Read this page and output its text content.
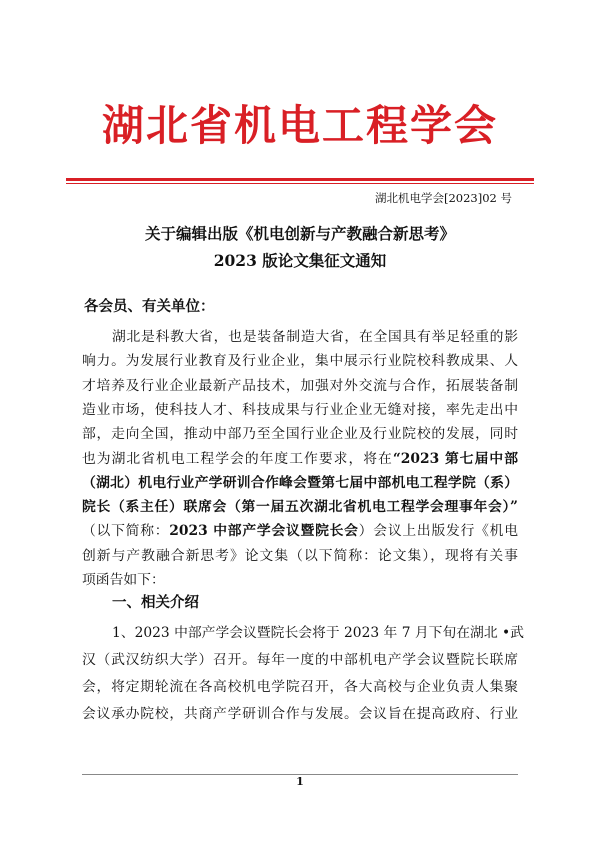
湖北省机电工程学会
湖北机电学会[2023]02 号
关于编辑出版《机电创新与产教融合新思考》
2023 版论文集征文通知
各会员、有关单位：
湖北是科教大省，也是装备制造大省，在全国具有举足轻重的影
响力。为发展行业教育及行业企业，集中展示行业院校科教成果、人
才培养及行业企业最新产品技术，加强对外交流与合作，拓展装备制
造业市场，使科技人才、科技成果与行业企业无缝对接，率先走出中
部，走向全国，推动中部乃至全国行业企业及行业院校的发展，同时
也为湖北省机电工程学会的年度工作要求，将在“2023 第七届中部
（湖北）机电行业产学研训合作峰会暨第七届中部机电工程学院（系）
院长（系主任）联席会（第一届五次湖北省机电工程学会理事年会）”
（以下简称：2023 中部产学会议暨院长会）会议上出版发行《机电
创新与产教融合新思考》论文集（以下简称：论文集），现将有关事
项函告如下：
一、相关介绍
1、2023 中部产学会议暨院长会将于 2023 年 7 月下旬在湖北 •武
汉（武汉纺织大学）召开。每年一度的中部机电产学会议暨院长联席
会，将定期轮流在各高校机电学院召开，各大高校与企业负责人集聚
会议承办院校，共商产学研训合作与发展。会议旨在提高政府、行业
1
